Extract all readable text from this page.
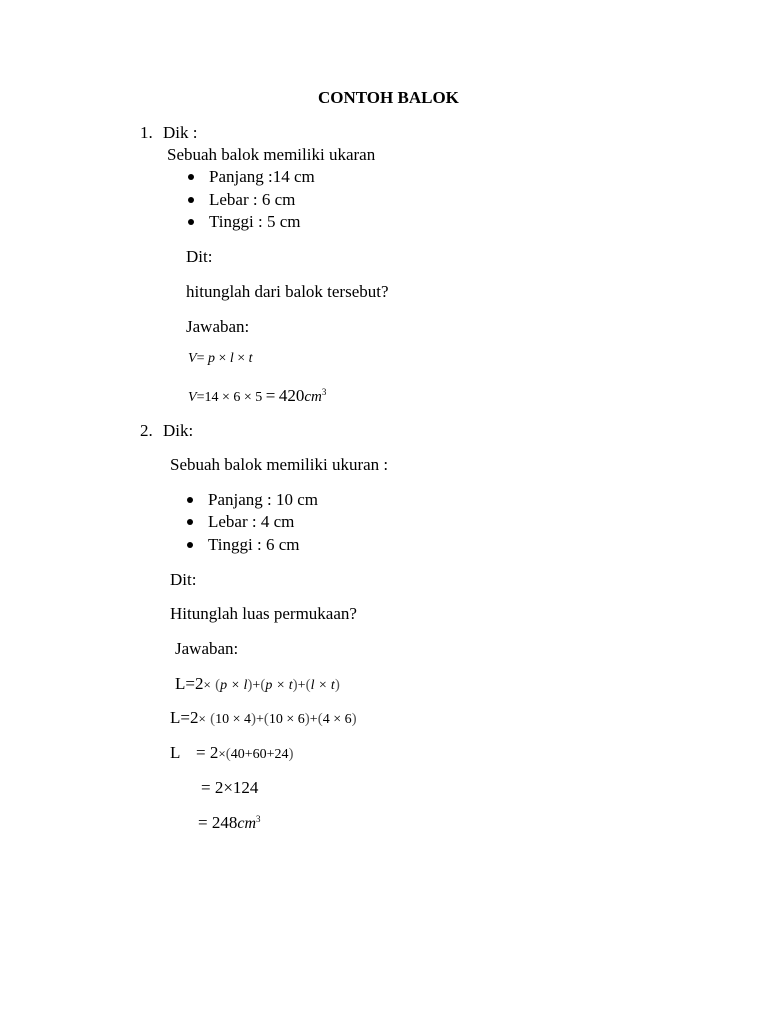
CONTOH BALOK
1. Dik :
Sebuah balok memiliki ukaran
Panjang :14 cm
Lebar : 6 cm
Tinggi : 5 cm
Dit:
hitunglah dari balok tersebut?
Jawaban:
V= p × l × t
$V=14 \times 6 \times 5 = 420cm^3$
2. Dik:
Sebuah balok memiliki ukuran :
Panjang : 10 cm
Lebar : 4 cm
Tinggi : 6 cm
Dit:
Hitunglah luas permukaan?
Jawaban:
L=2× (p × l)+(p × t)+(l × t)
L=2× (10 × 4)+(10 × 6)+(4 × 6)
L = 2×(40+60+24)
= 2×124
= $248cm^3$
